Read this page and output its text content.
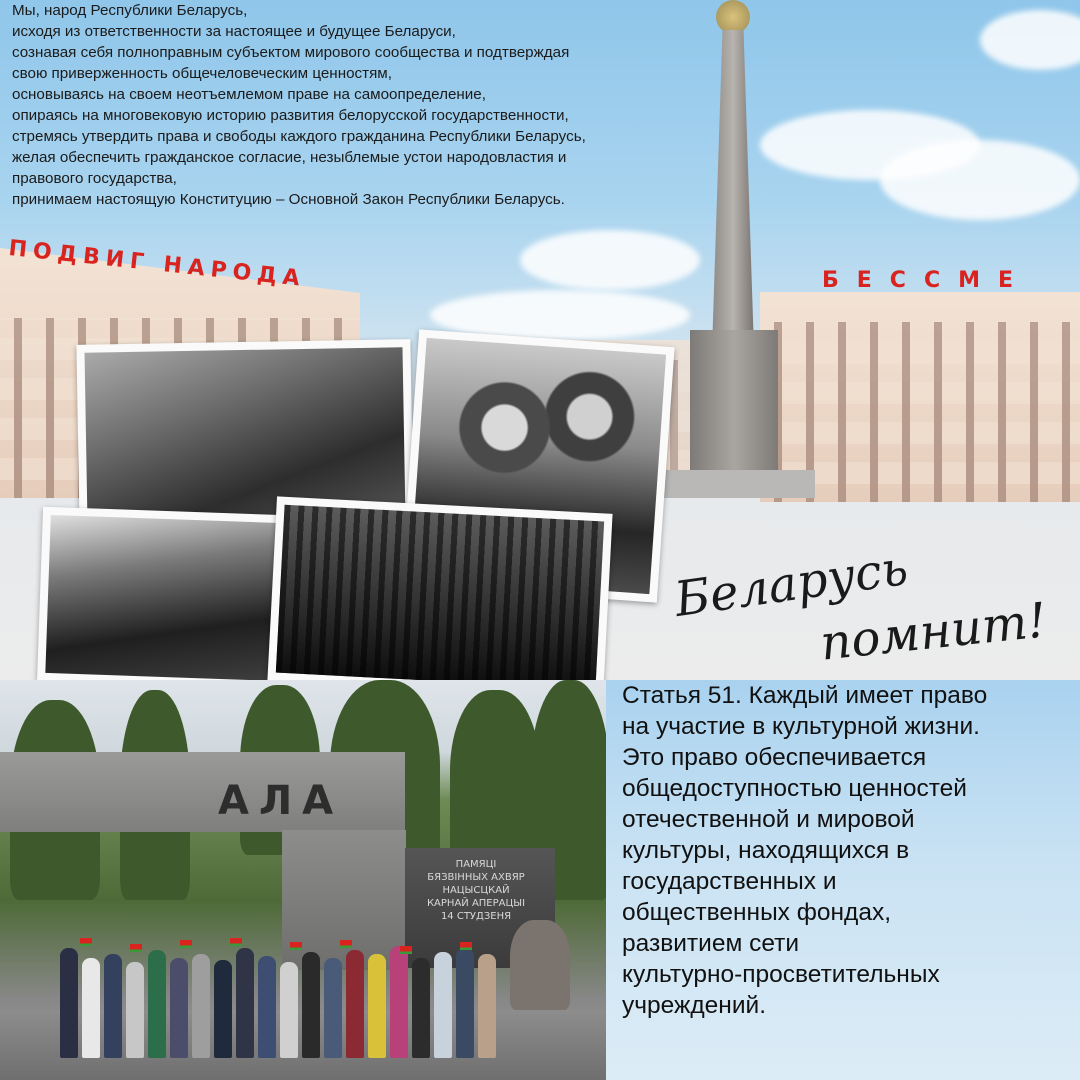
ПОДВИГ НАРОДА	БЕССМЕ
Беларусь
помнит!
Мы, народ Республики Беларусь,
исходя из ответственности за настоящее и будущее Беларуси,
сознавая себя полноправным субъектом мирового сообщества и подтверждая
свою приверженность общечеловеческим ценностям,
основываясь на своем неотъемлемом праве на самоопределение,
опираясь на многовековую историю развития белорусской государственности,
стремясь утвердить права и свободы каждого гражданина Республики Беларусь,
желая обеспечить гражданское согласие, незыблемые устои народовластия и
правового государства,
принимаем настоящую Конституцию – Основной Закон Республики Беларусь.
АЛА
ПАМЯЦІ
БЯЗВІННЫХ АХВЯР
НАЦЫСЦКАЙ
КАРНАЙ АПЕРАЦЫІ
14 СТУДЗЕНЯ
Статья 51. Каждый имеет право
на участие в культурной жизни.
Это право обеспечивается
общедоступностью ценностей
отечественной и мировой
культуры, находящихся в
государственных и
общественных фондах,
развитием сети
культурно-просветительных
учреждений.
